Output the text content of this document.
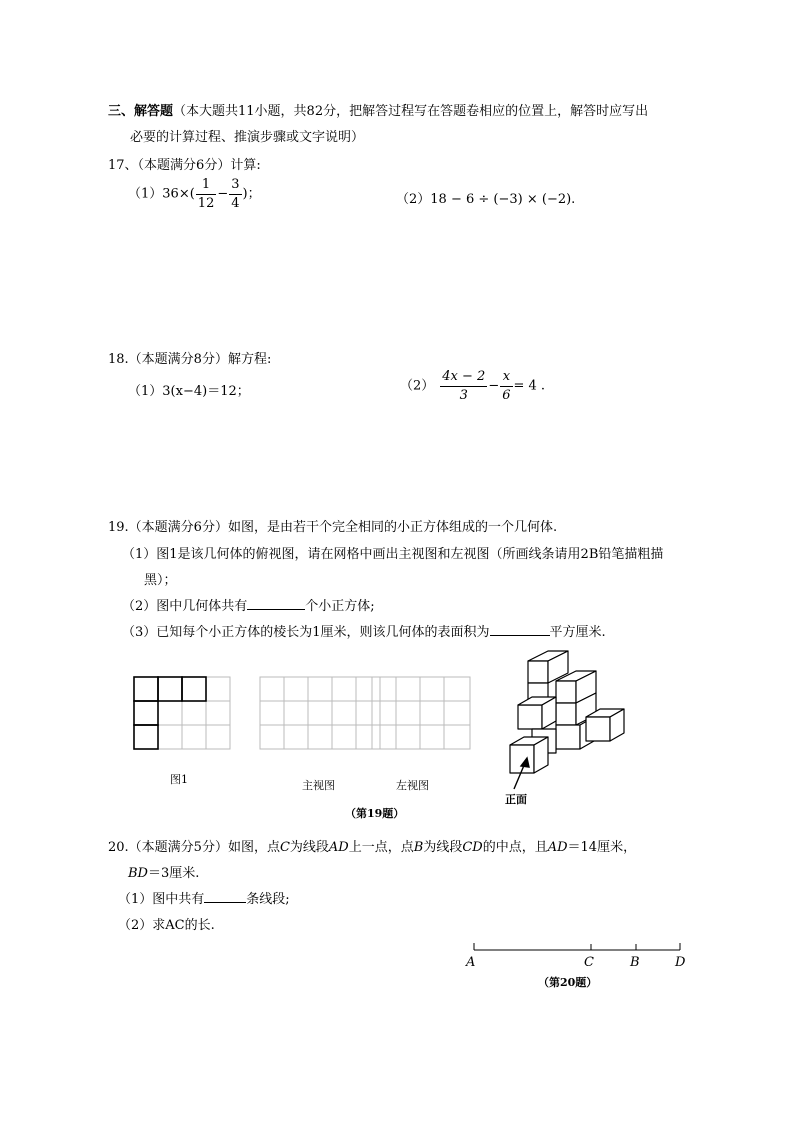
三、解答题（本大题共11小题，共82分，把解答过程写在答题卷相应的位置上，解答时应写出
必要的计算过程、推演步骤或文字说明）
17、（本题满分6分）计算:
$(1)36\times( \frac{1}{12} - \frac{3}{4}$ )；	（2）18 − 6 ÷ (−3) × (−2).
18.（本题满分8分）解方程:
（1）3(x−4)＝12；	$(2) \frac{4x - 2}{3} - \frac{x}{6} = 4$ .
19.（本题满分6分）如图，是由若干个完全相同的小正方体组成的一个几何体.
（1）图1是该几何体的俯视图，请在网格中画出主视图和左视图（所画线条请用2B铅笔描粗描
黑）；
（2）图中几何体共有	个小正方体;
（3）已知每个小正方体的棱长为1厘米，则该几何体的表面积为	平方厘米.
图1	主视图	左视图
正面
（第19题）
20.（本题满分5分）如图，点C为线段AD上一点，点B为线段CD的中点，且AD＝14厘米，
BD＝3厘米.
（1）图中共有	条线段;
（2）求AC的长.
A	C	B	D
（第20题）
